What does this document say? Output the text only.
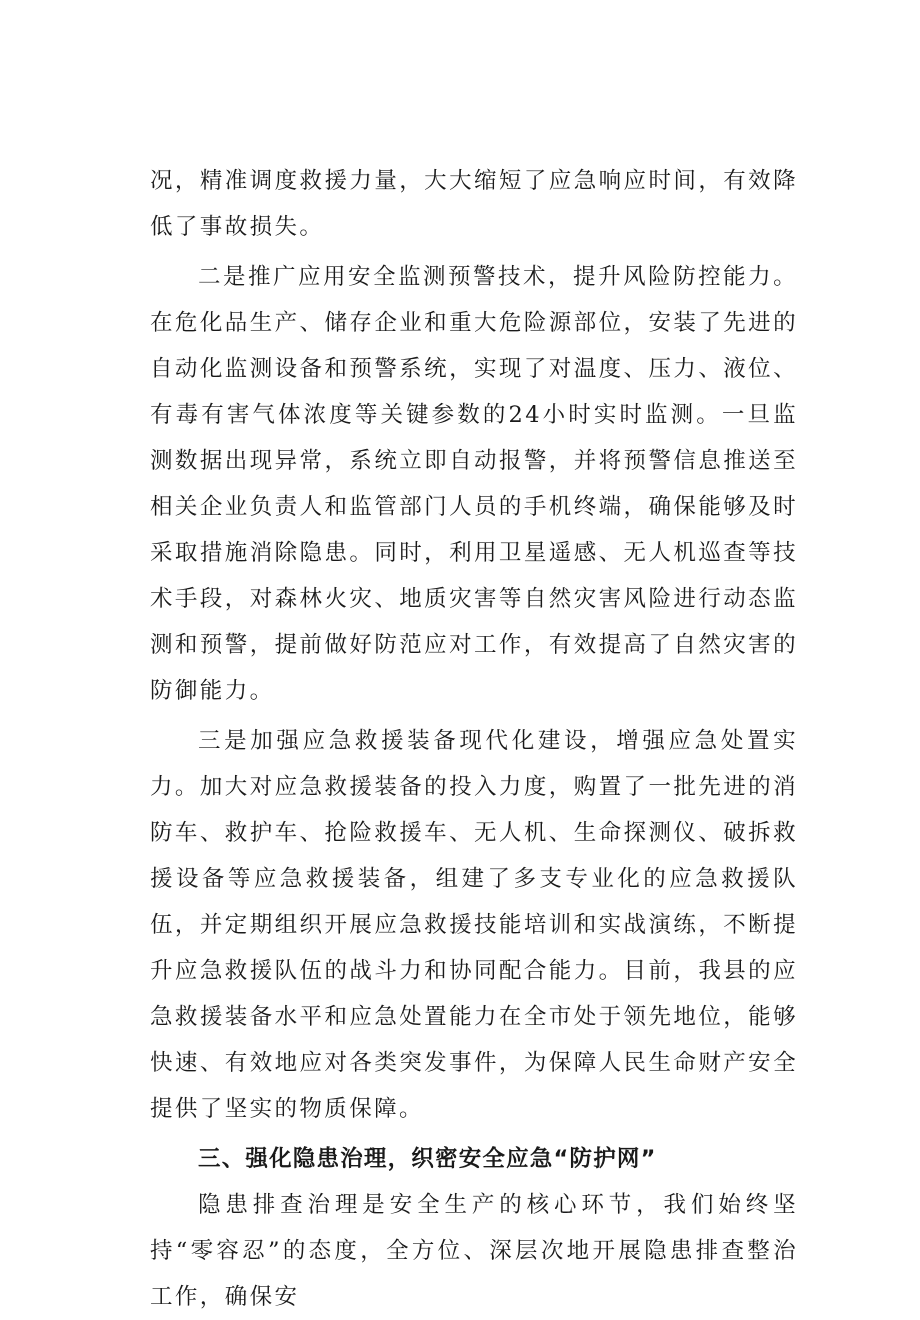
况，精准调度救援力量，大大缩短了应急响应时间，有效降低了事故损失。

二是推广应用安全监测预警技术，提升风险防控能力。在危化品生产、储存企业和重大危险源部位，安装了先进的自动化监测设备和预警系统，实现了对温度、压力、液位、有毒有害气体浓度等关键参数的24小时实时监测。一旦监测数据出现异常，系统立即自动报警，并将预警信息推送至相关企业负责人和监管部门人员的手机终端，确保能够及时采取措施消除隐患。同时，利用卫星遥感、无人机巡查等技术手段，对森林火灾、地质灾害等自然灾害风险进行动态监测和预警，提前做好防范应对工作，有效提高了自然灾害的防御能力。

三是加强应急救援装备现代化建设，增强应急处置实力。加大对应急救援装备的投入力度，购置了一批先进的消防车、救护车、抢险救援车、无人机、生命探测仪、破拆救援设备等应急救援装备，组建了多支专业化的应急救援队伍，并定期组织开展应急救援技能培训和实战演练，不断提升应急救援队伍的战斗力和协同配合能力。目前，我县的应急救援装备水平和应急处置能力在全市处于领先地位，能够快速、有效地应对各类突发事件，为保障人民生命财产安全提供了坚实的物质保障。

三、强化隐患治理，织密安全应急“防护网”

隐患排查治理是安全生产的核心环节，我们始终坚持“零容忍”的态度，全方位、深层次地开展隐患排查整治工作，确保安
